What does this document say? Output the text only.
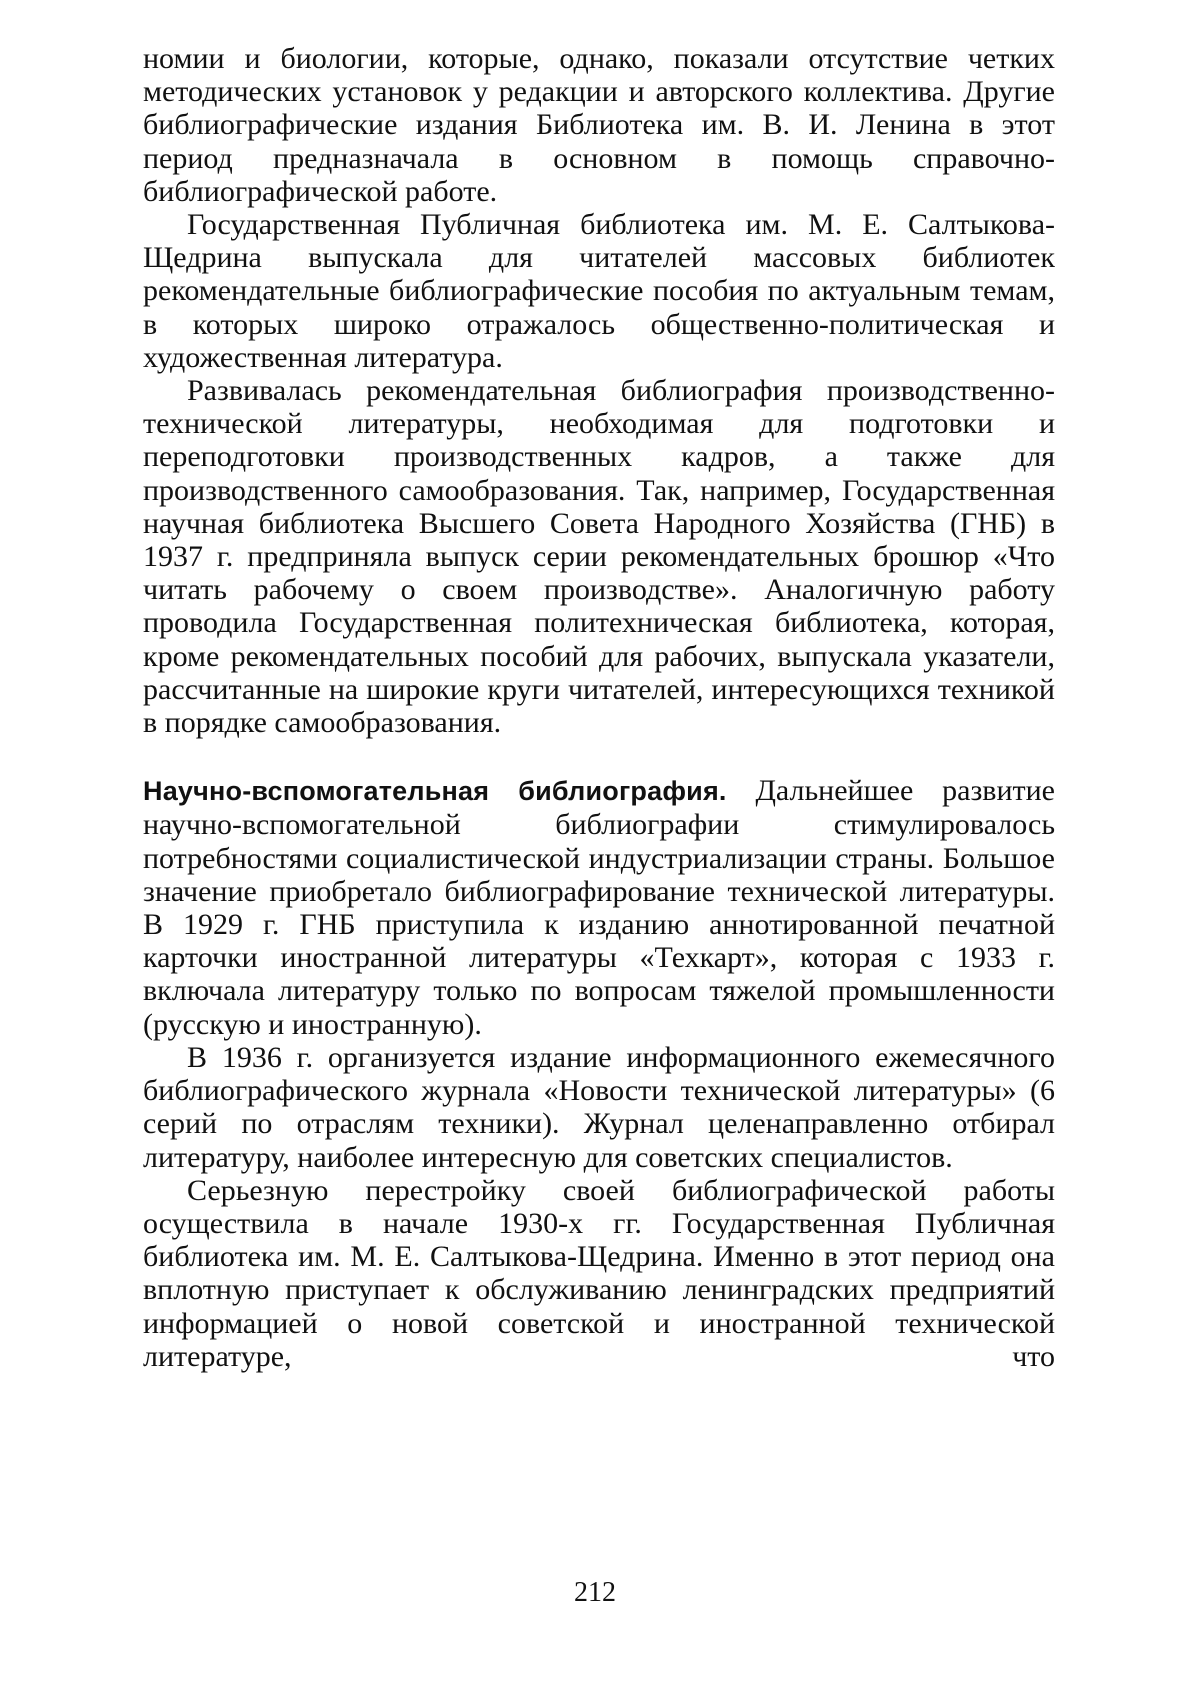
номии и биологии, которые, однако, показали отсутствие четких методических установок у редакции и авторского коллектива. Другие библиографические издания Библиотека им. В. И. Ленина в этот период предназначала в основном в помощь справочно-библиографической работе.

Государственная Публичная библиотека им. М. Е. Салтыкова-Щедрина выпускала для читателей массовых библиотек рекомендательные библиографические пособия по актуальным темам, в которых широко отражалось общественно-политическая и художественная литература.

Развивалась рекомендательная библиография производственно-технической литературы, необходимая для подготовки и переподготовки производственных кадров, а также для производственного самообразования. Так, например, Государственная научная библиотека Высшего Совета Народного Хозяйства (ГНБ) в 1937 г. предприняла выпуск серии рекомендательных брошюр «Что читать рабочему о своем производстве». Аналогичную работу проводила Государственная политехническая библиотека, которая, кроме рекомендательных пособий для рабочих, выпускала указатели, рассчитанные на широкие круги читателей, интересующихся техникой в порядке самообразования.

Научно-вспомогательная библиография. Дальнейшее развитие научно-вспомогательной библиографии стимулировалось потребностями социалистической индустриализации страны. Большое значение приобретало библиографирование технической литературы. В 1929 г. ГНБ приступила к изданию аннотированной печатной карточки иностранной литературы «Техкарт», которая с 1933 г. включала литературу только по вопросам тяжелой промышленности (русскую и иностранную).

В 1936 г. организуется издание информационного ежемесячного библиографического журнала «Новости технической литературы» (6 серий по отраслям техники). Журнал целенаправленно отбирал литературу, наиболее интересную для советских специалистов.

Серьезную перестройку своей библиографической работы осуществила в начале 1930-х гг. Государственная Публичная библиотека им. М. Е. Салтыкова-Щедрина. Именно в этот период она вплотную приступает к обслуживанию ленинградских предприятий информацией о новой советской и иностранной технической литературе, что

212
